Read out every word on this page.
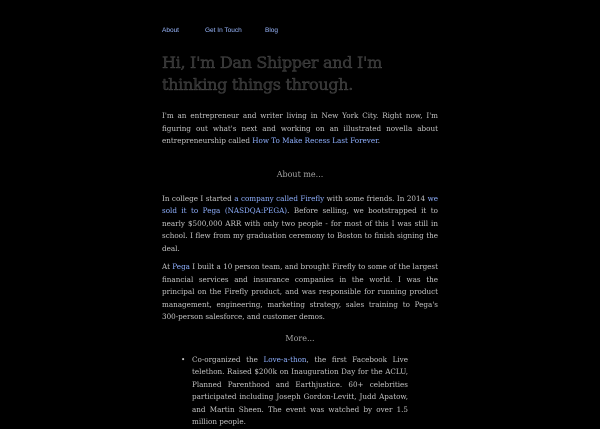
About	Get In Touch	Blog
Hi, I'm Dan Shipper and I'm thinking things through.

I'm an entrepreneur and writer living in New York City. Right now, I'm figuring out what's next and working on an illustrated novella about entrepreneurship called How To Make Recess Last Forever.

About me...

In college I started a company called Firefly with some friends. In 2014 we sold it to Pega (NASDQA:PEGA). Before selling, we bootstrapped it to nearly $500,000 ARR with only two people - for most of this I was still in school. I flew from my graduation ceremony to Boston to finish signing the deal.

At Pega I built a 10 person team, and brought Firefly to some of the largest financial services and insurance companies in the world. I was the principal on the Firefly product, and was responsible for running product management, engineering, marketing strategy, sales training to Pega's 300-person salesforce, and customer demos.

More...
• Co-organized the Love-a-thon, the first Facebook Live telethon. Raised $200k on Inauguration Day for the ACLU, Planned Parenthood and Earthjustice. 60+ celebrities participated including Joseph Gordon-Levitt, Judd Apatow, and Martin Sheen. The event was watched by over 1.5 million people.
